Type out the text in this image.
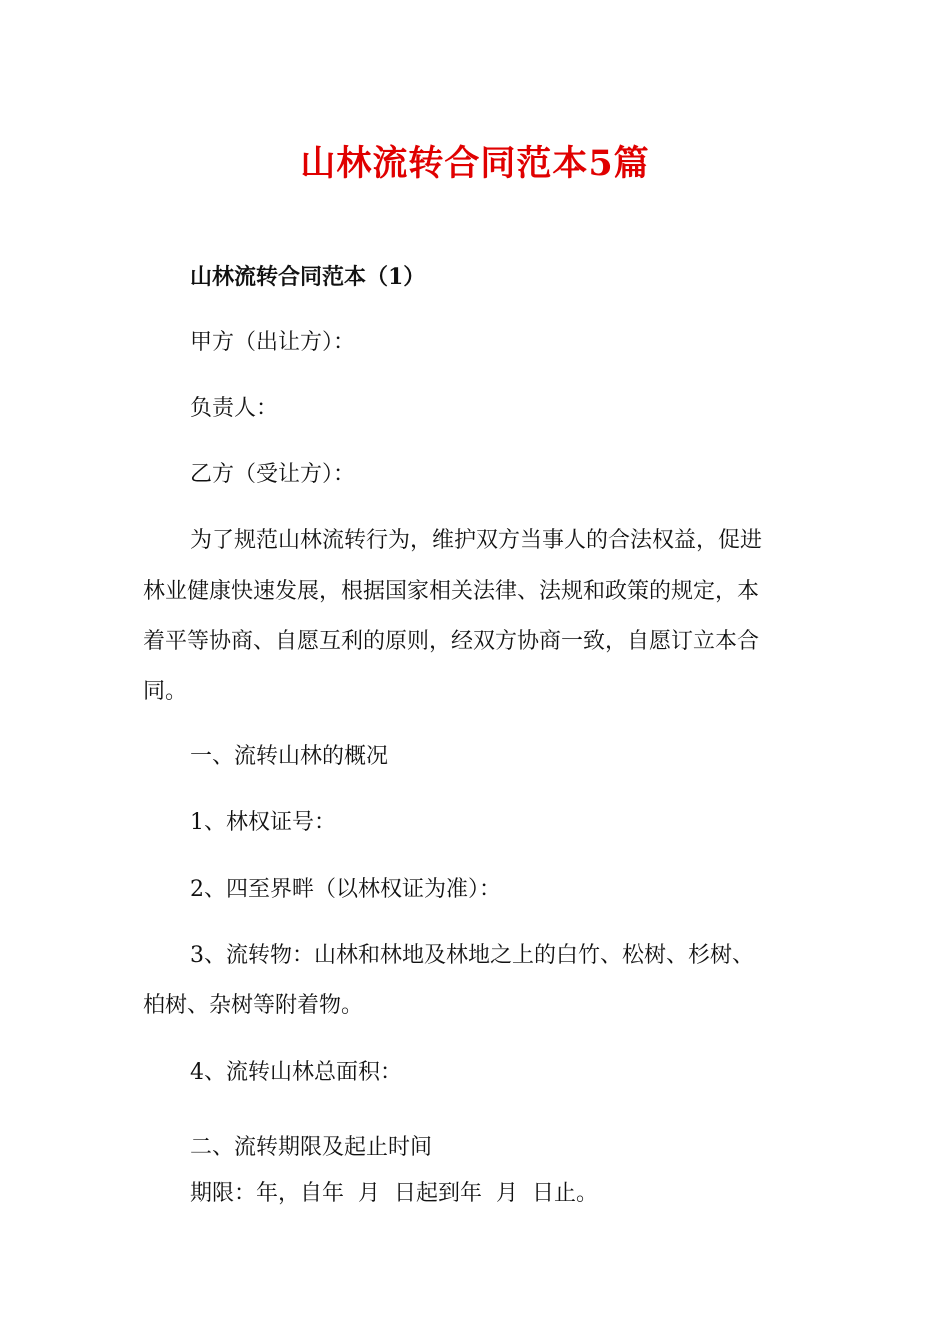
山林流转合同范本5篇
山林流转合同范本（1）
甲方（出让方）：
负责人：
乙方（受让方）：
为了规范山林流转行为，维护双方当事人的合法权益，促进
林业健康快速发展，根据国家相关法律、法规和政策的规定，本
着平等协商、自愿互利的原则，经双方协商一致，自愿订立本合
同。
一、流转山林的概况
1、林权证号：
2、四至界畔（以林权证为准）：
3、流转物：山林和林地及林地之上的白竹、松树、杉树、
柏树、杂树等附着物。
4、流转山林总面积：
二、流转期限及起止时间
期限：年，自年  月  日起到年  月  日止。
